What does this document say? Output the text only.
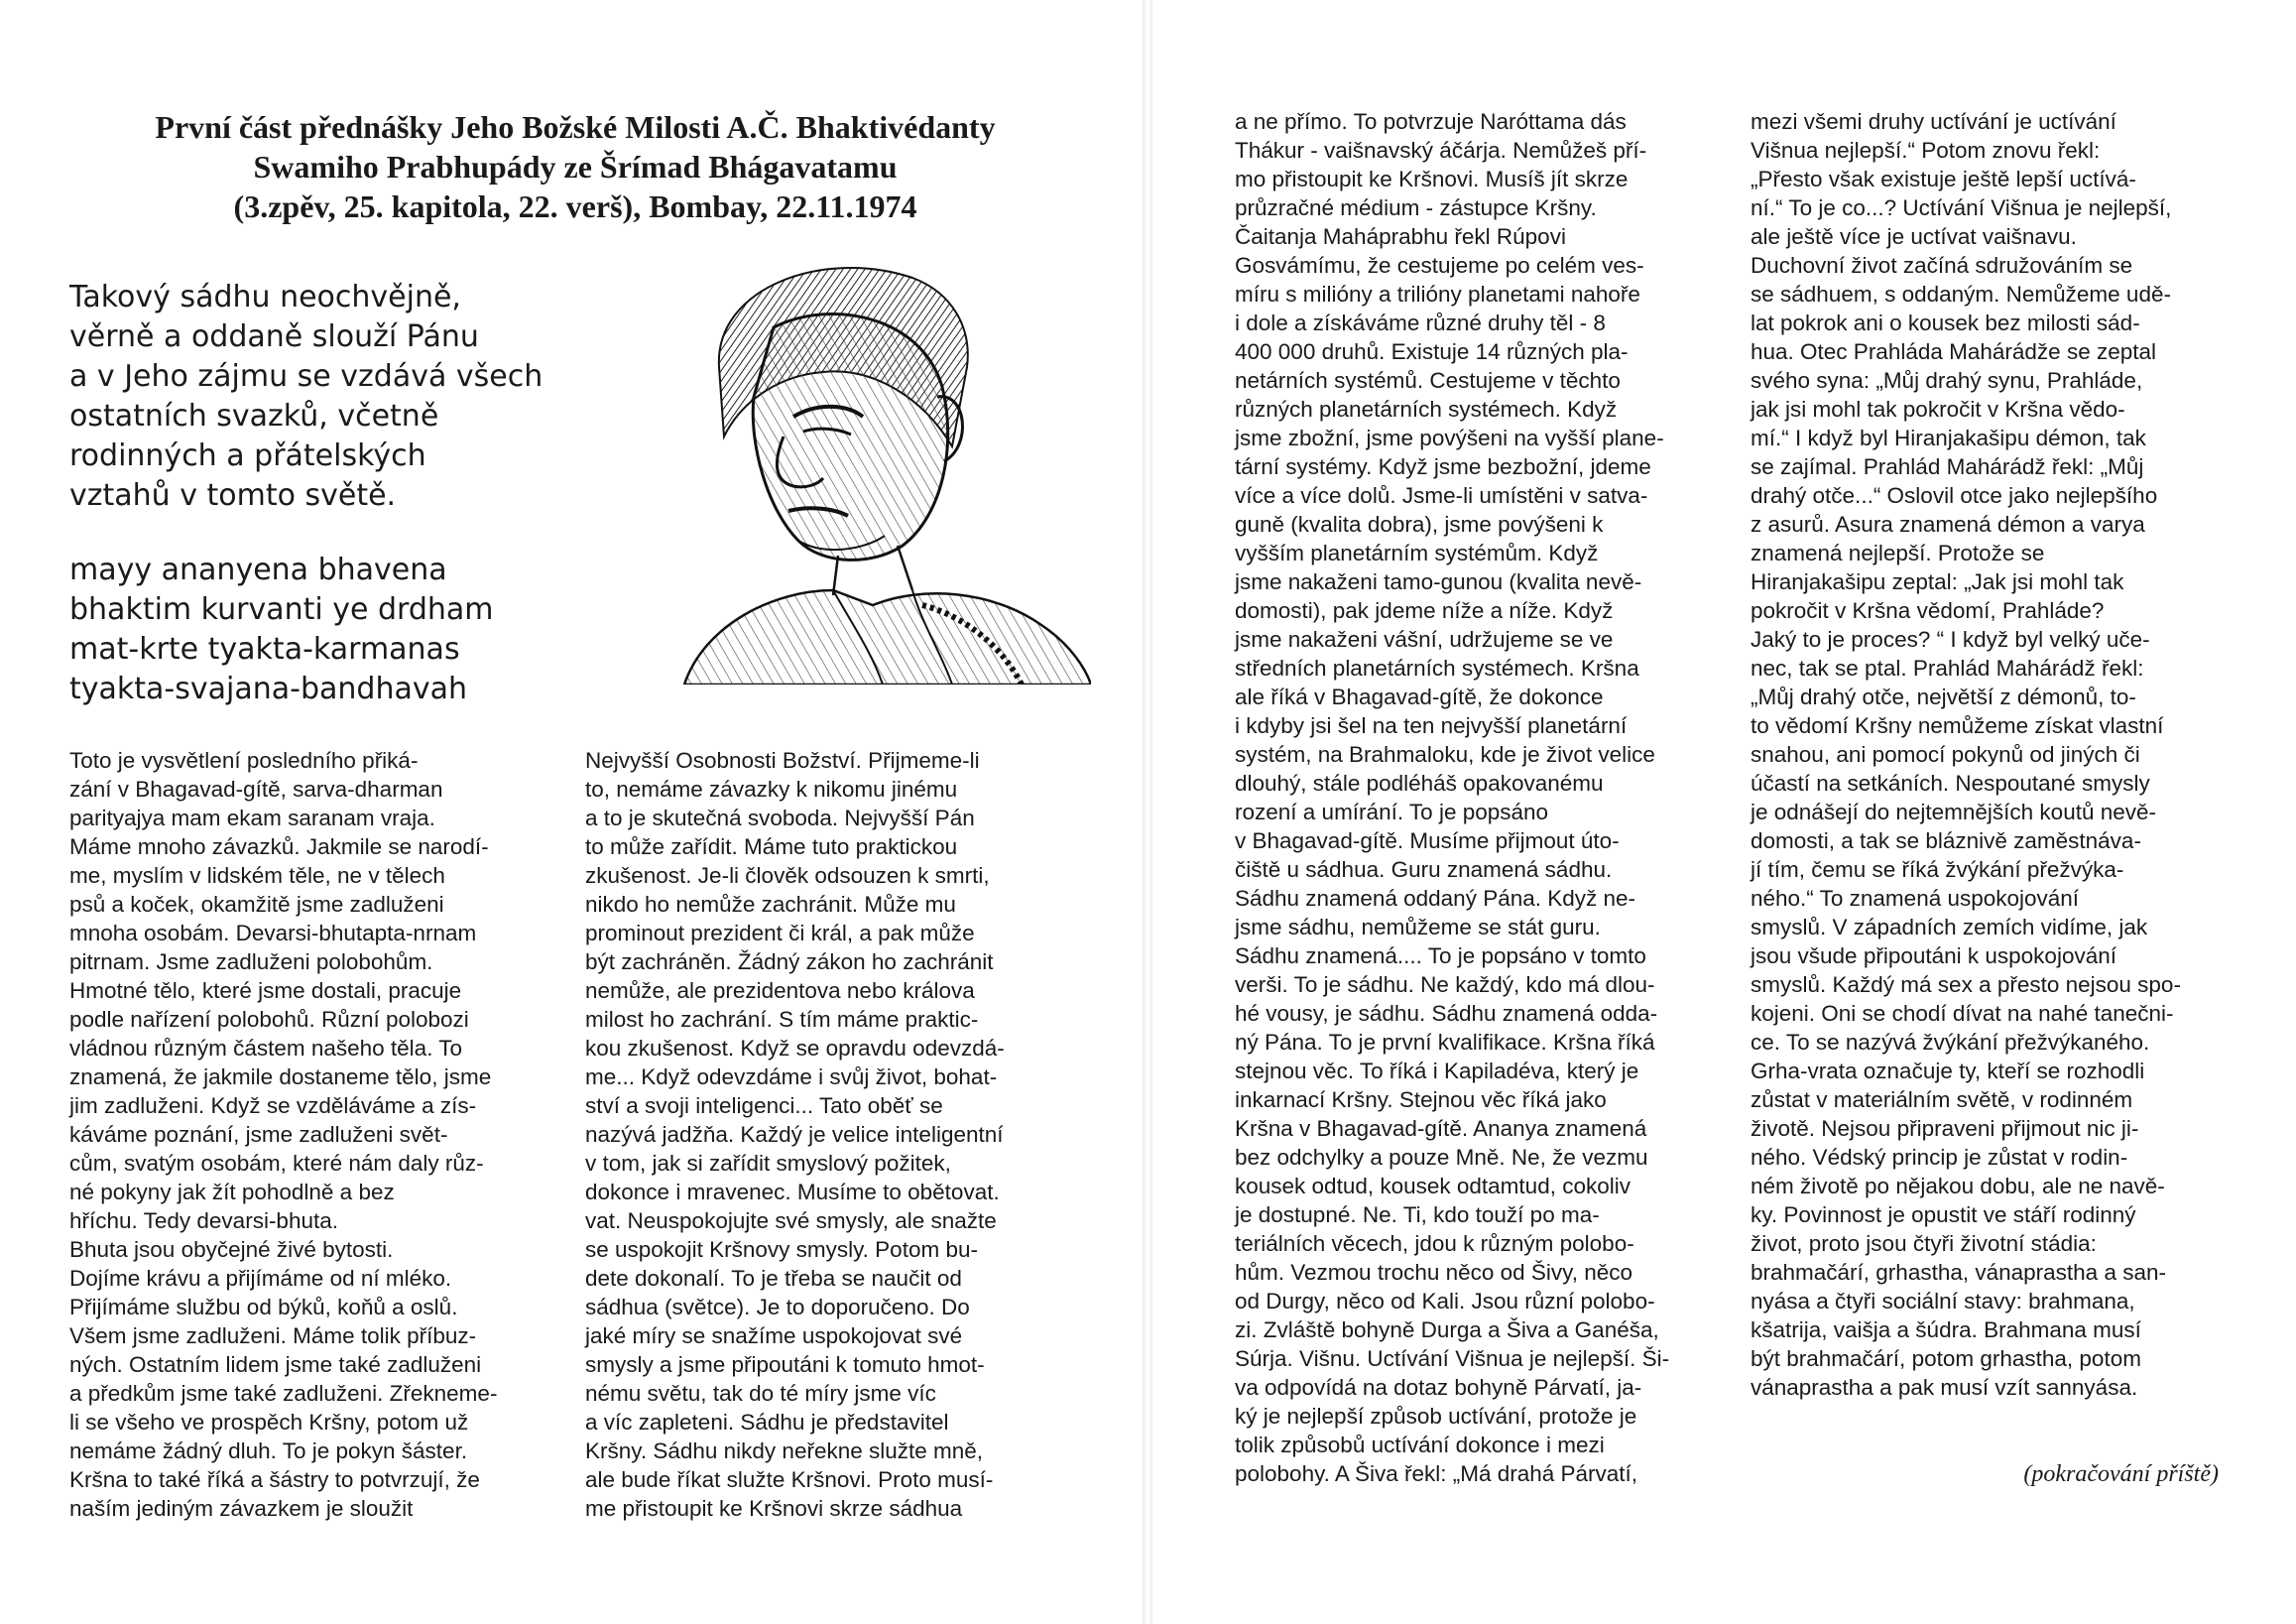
První část přednášky Jeho Božské Milosti A.Č. Bhaktivédanty
Swamiho Prabhupády ze Šrímad Bhágavatamu
(3.zpěv, 25. kapitola, 22. verš), Bombay, 22.11.1974
Takový sádhu neochvějně,
věrně a oddaně slouží Pánu
a v Jeho zájmu se vzdává všech
ostatních svazků, včetně
rodinných a přátelských
vztahů v tomto světě.
mayy ananyena bhavena
bhaktim kurvanti ye drdham
mat-krte tyakta-karmanas
tyakta-svajana-bandhavah
Toto je vysvětlení posledního přiká-
zání v Bhagavad-gítě, sarva-dharman
parityajya mam ekam saranam vraja.
Máme mnoho závazků. Jakmile se narodí-
me, myslím v lidském těle, ne v tělech
psů a koček, okamžitě jsme zadluženi
mnoha osobám. Devarsi-bhutapta-nrnam
pitrnam. Jsme zadluženi polobohům.
Hmotné tělo, které jsme dostali, pracuje
podle nařízení polobohů. Různí polobozi
vládnou různým částem našeho těla. To
znamená, že jakmile dostaneme tělo, jsme
jim zadluženi. Když se vzděláváme a zís-
káváme poznání, jsme zadluženi svět-
cům, svatým osobám, které nám daly růz-
né pokyny jak žít pohodlně a bez
hříchu. Tedy devarsi-bhuta.
Bhuta jsou obyčejné živé bytosti.
Dojíme krávu a přijímáme od ní mléko.
Přijímáme službu od býků, koňů a oslů.
Všem jsme zadluženi. Máme tolik příbuz-
ných. Ostatním lidem jsme také zadluženi
a předkům jsme také zadluženi. Zřekneme-
li se všeho ve prospěch Kršny, potom už
nemáme žádný dluh. To je pokyn šáster.
Kršna to také říká a šástry to potvrzují, že
naším jediným závazkem je sloužit
Nejvyšší Osobnosti Božství. Přijmeme-li
to, nemáme závazky k nikomu jinému
a to je skutečná svoboda. Nejvyšší Pán
to může zařídit. Máme tuto praktickou
zkušenost. Je-li člověk odsouzen k smrti,
nikdo ho nemůže zachránit. Může mu
prominout prezident či král, a pak může
být zachráněn. Žádný zákon ho zachránit
nemůže, ale prezidentova nebo králova
milost ho zachrání. S tím máme praktic-
kou zkušenost. Když se opravdu odevzdá-
me... Když odevzdáme i svůj život, bohat-
ství a svoji inteligenci... Tato oběť se
nazývá jadžňa. Každý je velice inteligentní
v tom, jak si zařídit smyslový požitek,
dokonce i mravenec. Musíme to obětovat.
vat. Neuspokojujte své smysly, ale snažte
se uspokojit Kršnovy smysly. Potom bu-
dete dokonalí. To je třeba se naučit od
sádhua (světce). Je to doporučeno. Do
jaké míry se snažíme uspokojovat své
smysly a jsme připoutáni k tomuto hmot-
nému světu, tak do té míry jsme víc
a víc zapleteni. Sádhu je představitel
Kršny. Sádhu nikdy neřekne služte mně,
ale bude říkat služte Kršnovi. Proto musí-
me přistoupit ke Kršnovi skrze sádhua
a ne přímo. To potvrzuje Naróttama dás
Thákur - vaišnavský áčárja. Nemůžeš pří-
mo přistoupit ke Kršnovi. Musíš jít skrze
průzračné médium - zástupce Kršny.
Čaitanja Maháprabhu řekl Rúpovi
Gosvámímu, že cestujeme po celém ves-
míru s milióny a trilióny planetami nahoře
i dole a získáváme různé druhy těl - 8
400 000 druhů. Existuje 14 různých pla-
netárních systémů. Cestujeme v těchto
různých planetárních systémech. Když
jsme zbožní, jsme povýšeni na vyšší plane-
tární systémy. Když jsme bezbožní, jdeme
více a více dolů. Jsme-li umístěni v satva-
guně (kvalita dobra), jsme povýšeni k
vyšším planetárním systémům. Když
jsme nakaženi tamo-gunou (kvalita nevě-
domosti), pak jdeme níže a níže. Když
jsme nakaženi vášní, udržujeme se ve
středních planetárních systémech. Kršna
ale říká v Bhagavad-gítě, že dokonce
i kdyby jsi šel na ten nejvyšší planetární
systém, na Brahmaloku, kde je život velice
dlouhý, stále podléháš opakovanému
rození a umírání. To je popsáno
v Bhagavad-gítě. Musíme přijmout úto-
čiště u sádhua. Guru znamená sádhu.
Sádhu znamená oddaný Pána. Když ne-
jsme sádhu, nemůžeme se stát guru.
Sádhu znamená.... To je popsáno v tomto
verši. To je sádhu. Ne každý, kdo má dlou-
hé vousy, je sádhu. Sádhu znamená odda-
ný Pána. To je první kvalifikace. Kršna říká
stejnou věc. To říká i Kapiladéva, který je
inkarnací Kršny. Stejnou věc říká jako
Kršna v Bhagavad-gítě. Ananya znamená
bez odchylky a pouze Mně. Ne, že vezmu
kousek odtud, kousek odtamtud, cokoliv
je dostupné. Ne. Ti, kdo touží po ma-
teriálních věcech, jdou k různým polobo-
hům. Vezmou trochu něco od Šivy, něco
od Durgy, něco od Kali. Jsou různí polobo-
zi. Zvláště bohyně Durga a Šiva a Ganéša,
Súrja. Višnu. Uctívání Višnua je nejlepší. Ši-
va odpovídá na dotaz bohyně Párvatí, ja-
ký je nejlepší způsob uctívání, protože je
tolik způsobů uctívání dokonce i mezi
polobohy. A Šiva řekl: „Má drahá Párvatí,
mezi všemi druhy uctívání je uctívání
Višnua nejlepší.“ Potom znovu řekl:
„Přesto však existuje ještě lepší uctívá-
ní.“ To je co...? Uctívání Višnua je nejlepší,
ale ještě více je uctívat vaišnavu.
Duchovní život začíná sdružováním se
se sádhuem, s oddaným. Nemůžeme udě-
lat pokrok ani o kousek bez milosti sád-
hua. Otec Prahláda Mahárádže se zeptal
svého syna: „Můj drahý synu, Prahláde,
jak jsi mohl tak pokročit v Kršna vědo-
mí.“ I když byl Hiranjakašipu démon, tak
se zajímal. Prahlád Mahárádž řekl: „Můj
drahý otče...“ Oslovil otce jako nejlepšího
z asurů. Asura znamená démon a varya
znamená nejlepší. Protože se
Hiranjakašipu zeptal: „Jak jsi mohl tak
pokročit v Kršna vědomí, Prahláde?
Jaký to je proces? “ I když byl velký uče-
nec, tak se ptal. Prahlád Mahárádž řekl:
„Můj drahý otče, největší z démonů, to-
to vědomí Kršny nemůžeme získat vlastní
snahou, ani pomocí pokynů od jiných či
účastí na setkáních. Nespoutané smysly
je odnášejí do nejtemnějších koutů nevě-
domosti, a tak se bláznivě zaměstnáva-
jí tím, čemu se říká žvýkání přežvýka-
ného.“ To znamená uspokojování
smyslů. V západních zemích vidíme, jak
jsou všude připoutáni k uspokojování
smyslů. Každý má sex a přesto nejsou spo-
kojeni. Oni se chodí dívat na nahé tanečni-
ce. To se nazývá žvýkání přežvýkaného.
Grha-vrata označuje ty, kteří se rozhodli
zůstat v materiálním světě, v rodinném
životě. Nejsou připraveni přijmout nic ji-
ného. Védský princip je zůstat v rodin-
ném životě po nějakou dobu, ale ne navě-
ky. Povinnost je opustit ve stáří rodinný
život, proto jsou čtyři životní stádia:
brahmačárí, grhastha, vánaprastha a san-
nyása a čtyři sociální stavy: brahmana,
kšatrija, vaišja a šúdra. Brahmana musí
být brahmačárí, potom grhastha, potom
vánaprastha a pak musí vzít sannyása.
(pokračování příště)
